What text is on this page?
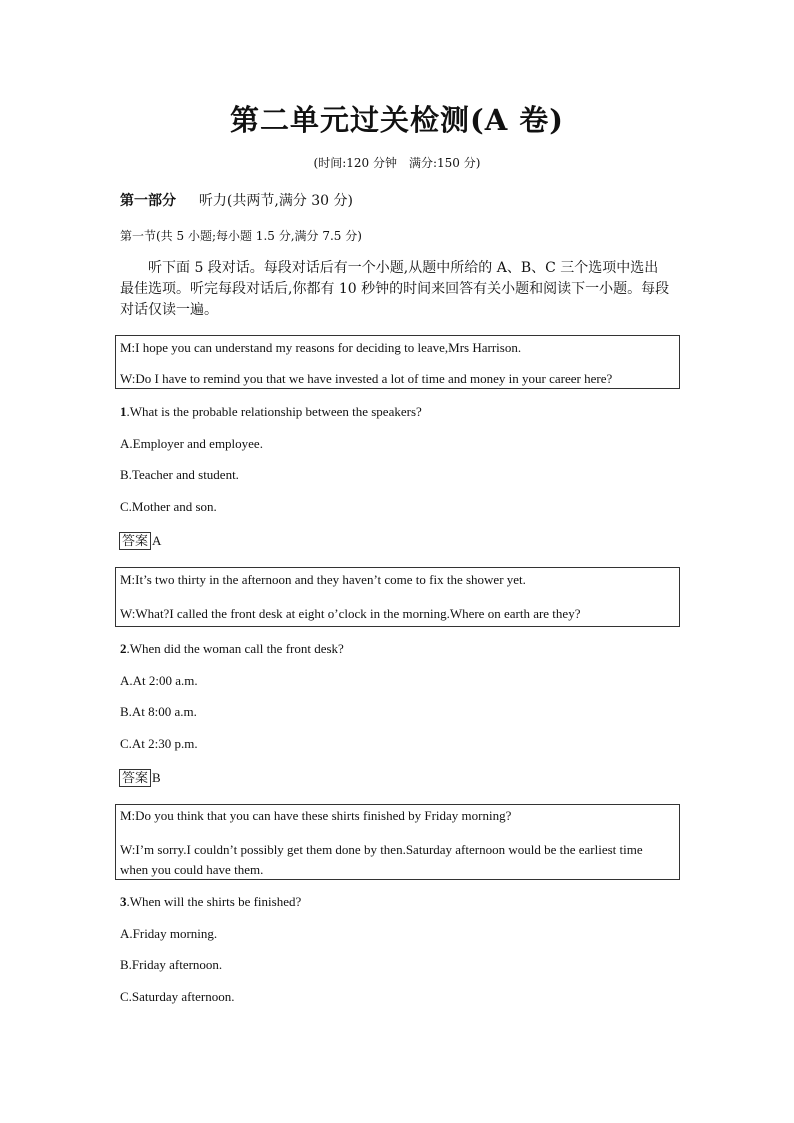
第二单元过关检测(A 卷)
(时间:120 分钟　满分:150 分)
第一部分 听力(共两节,满分 30 分)
第一节(共 5 小题;每小题 1.5 分,满分 7.5 分)
听下面 5 段对话。每段对话后有一个小题,从题中所给的 A、B、C 三个选项中选出最佳选项。听完每段对话后,你都有 10 秒钟的时间来回答有关小题和阅读下一小题。每段对话仅读一遍。

M:I hope you can understand my reasons for deciding to leave,Mrs Harrison.

W:Do I have to remind you that we have invested a lot of time and money in your career here?

1.What is the probable relationship between the speakers?
A.Employer and employee.
B.Teacher and student.
C.Mother and son.
答案 A

M:It’s two thirty in the afternoon and they haven’t come to fix the shower yet.

W:What?I called the front desk at eight o’clock in the morning.Where on earth are they?

2.When did the woman call the front desk?
A.At 2:00 a.m.
B.At 8:00 a.m.
C.At 2:30 p.m.
答案 B

M:Do you think that you can have these shirts finished by Friday morning?

W:I’m sorry.I couldn’t possibly get them done by then.Saturday afternoon would be the earliest time when you could have them.

3.When will the shirts be finished?
A.Friday morning.
B.Friday afternoon.
C.Saturday afternoon.
